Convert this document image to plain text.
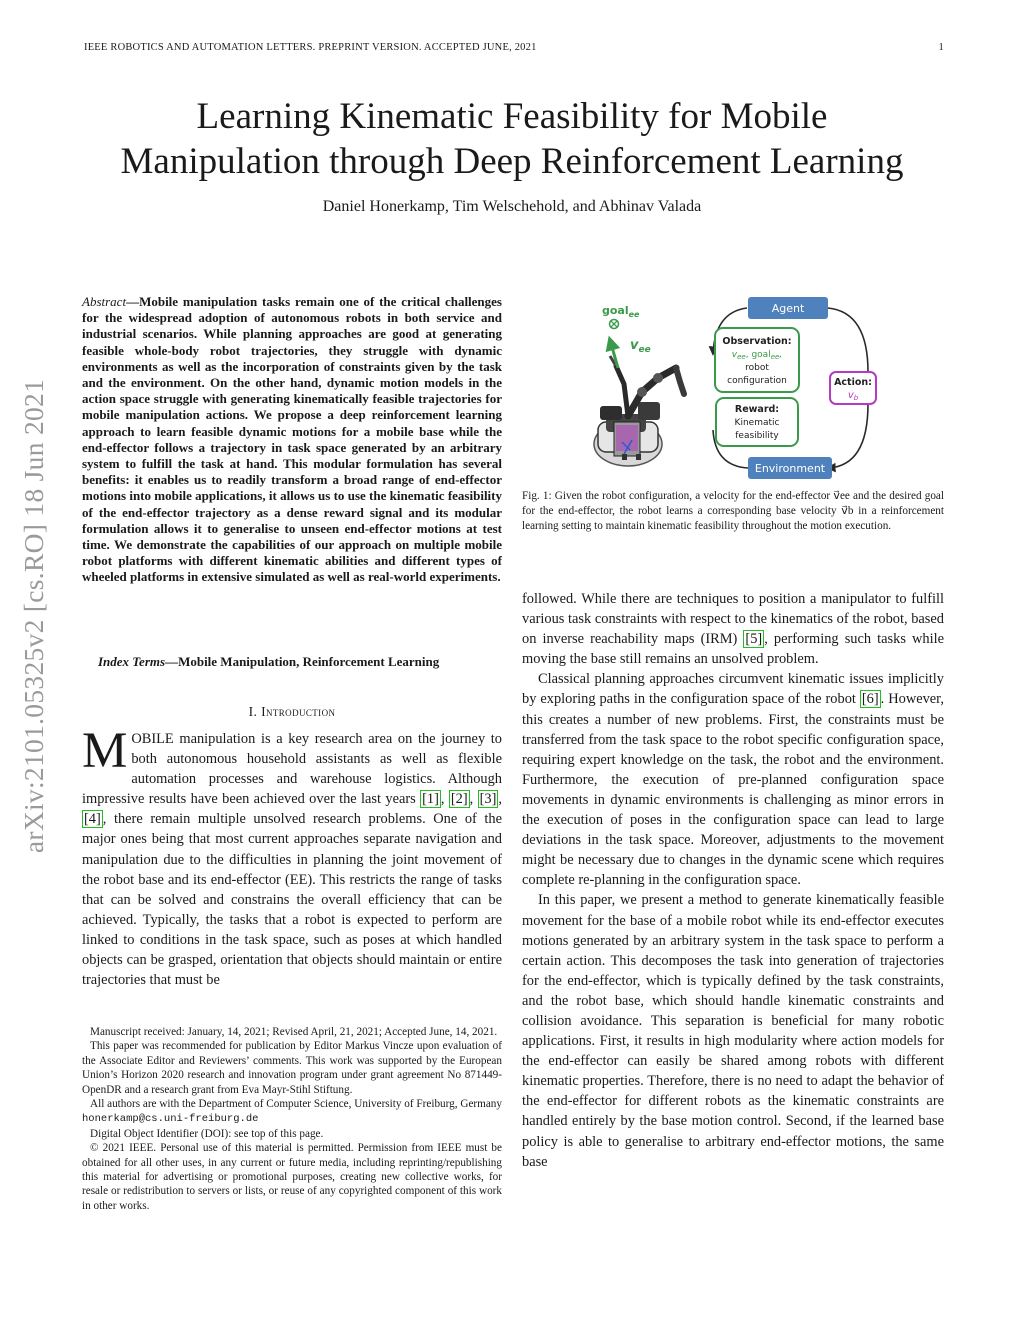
IEEE ROBOTICS AND AUTOMATION LETTERS. PREPRINT VERSION. ACCEPTED JUNE, 2021	1
Learning Kinematic Feasibility for Mobile
Manipulation through Deep Reinforcement Learning
Daniel Honerkamp, Tim Welschehold, and Abhinav Valada
arXiv:2101.05325v2 [cs.RO] 18 Jun 2021
Abstract—Mobile manipulation tasks remain one of the critical challenges for the widespread adoption of autonomous robots in both service and industrial scenarios. While planning approaches are good at generating feasible whole-body robot trajectories, they struggle with dynamic environments as well as the incorporation of constraints given by the task and the environment. On the other hand, dynamic motion models in the action space struggle with generating kinematically feasible trajectories for mobile manipulation actions. We propose a deep reinforcement learning approach to learn feasible dynamic motions for a mobile base while the end-effector follows a trajectory in task space generated by an arbitrary system to fulfill the task at hand. This modular formulation has several benefits: it enables us to readily transform a broad range of end-effector motions into mobile applications, it allows us to use the kinematic feasibility of the end-effector trajectory as a dense reward signal and its modular formulation allows it to generalise to unseen end-effector motions at test time. We demonstrate the capabilities of our approach on multiple mobile robot platforms with different kinematic abilities and different types of wheeled platforms in extensive simulated as well as real-world experiments.
Index Terms—Mobile Manipulation, Reinforcement Learning
I. Introduction
MOBILE manipulation is a key research area on the journey to both autonomous household assistants as well as flexible automation processes and warehouse logistics. Although impressive results have been achieved over the last years [1] , [2] , [3] , [4] , there remain multiple unsolved research problems. One of the major ones being that most current approaches separate navigation and manipulation due to the difficulties in planning the joint movement of the robot base and its end-effector (EE). This restricts the range of tasks that can be solved and constrains the overall efficiency that can be achieved. Typically, the tasks that a robot is expected to perform are linked to conditions in the task space, such as poses at which handled objects can be grasped, orientation that objects should maintain or entire trajectories that must be

Manuscript received: January, 14, 2021; Revised April, 21, 2021; Accepted June, 14, 2021.

This paper was recommended for publication by Editor Markus Vincze upon evaluation of the Associate Editor and Reviewers’ comments. This work was supported by the European Union’s Horizon 2020 research and innovation program under grant agreement No 871449-OpenDR and a research grant from Eva Mayr-Stihl Stiftung.

All authors are with the Department of Computer Science, University of Freiburg, Germany honerkamp@cs.uni-freiburg.de

Digital Object Identifier (DOI): see top of this page.

© 2021 IEEE. Personal use of this material is permitted. Permission from IEEE must be obtained for all other uses, in any current or future media, including reprinting/republishing this material for advertising or promotional purposes, creating new collective works, for resale or redistribution to servers or lists, or reuse of any copyrighted component of this work in other works.

goal$_{ee}$
$v_{ee}$
Agent
Environment
Observation:
$v_{ee}$, goal$_{ee}$,
robot
configuration
Reward:
Kinematic
feasibility
Action:
$v_b$
Fig. 1: Given the robot configuration, a velocity for the end-effector v⃗ee and the desired goal for the end-effector, the robot learns a corresponding base velocity v⃗b in a reinforcement learning setting to maintain kinematic feasibility throughout the motion execution.

followed. While there are techniques to position a manipulator to fulfill various task constraints with respect to the kinematics of the robot, based on inverse reachability maps (IRM) [5] , performing such tasks while moving the base still remains an unsolved problem.

Classical planning approaches circumvent kinematic issues implicitly by exploring paths in the configuration space of the robot [6] . However, this creates a number of new problems. First, the constraints must be transferred from the task space to the robot specific configuration space, requiring expert knowledge on the task, the robot and the environment. Furthermore, the execution of pre-planned configuration space movements in dynamic environments is challenging as minor errors in the execution of poses in the configuration space can lead to large deviations in the task space. Moreover, adjustments to the movement might be necessary due to changes in the dynamic scene which requires complete re-planning in the configuration space.

In this paper, we present a method to generate kinematically feasible movement for the base of a mobile robot while its end-effector executes motions generated by an arbitrary system in the task space to perform a certain action. This decomposes the task into generation of trajectories for the end-effector, which is typically defined by the task constraints, and the robot base, which should handle kinematic constraints and collision avoidance. This separation is beneficial for many robotic applications. First, it results in high modularity where action models for the end-effector can easily be shared among robots with different kinematic properties. Therefore, there is no need to adapt the behavior of the end-effector for different robots as the kinematic constraints are handled entirely by the base motion control. Second, if the learned base policy is able to generalise to arbitrary end-effector motions, the same base
